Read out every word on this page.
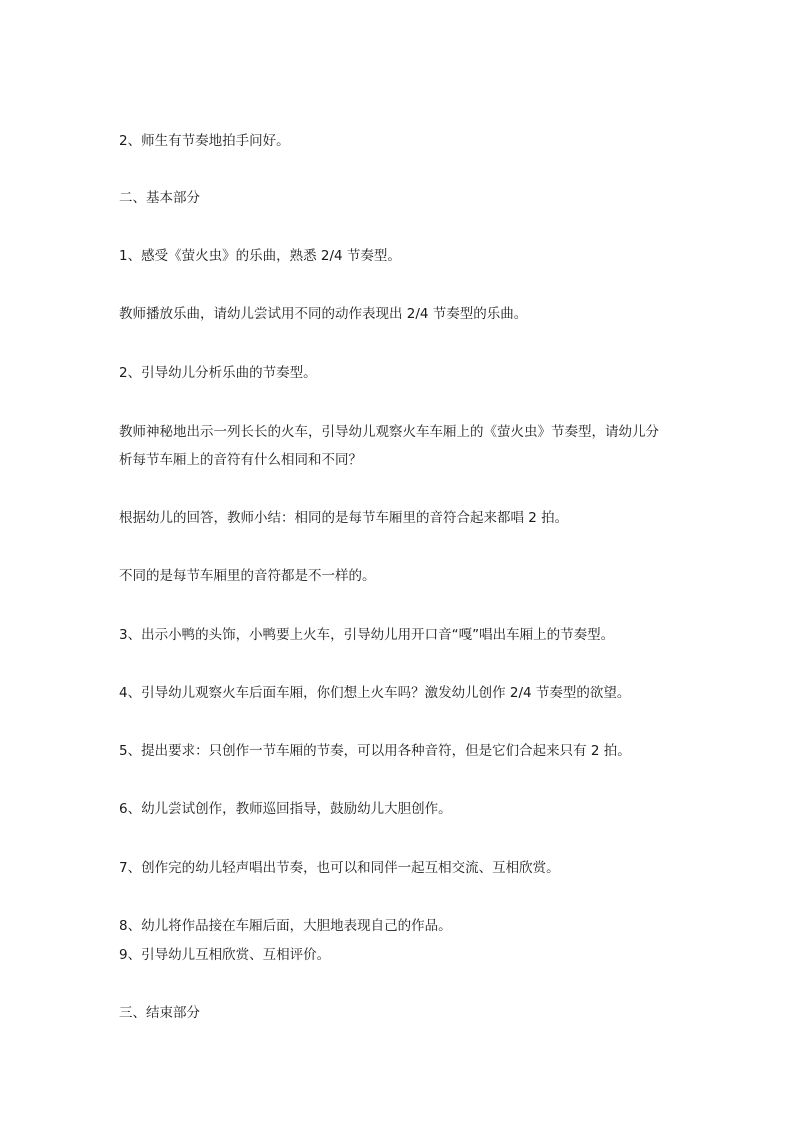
2、师生有节奏地拍手问好。

二、基本部分

1、感受《萤火虫》的乐曲，熟悉 2/4 节奏型。

教师播放乐曲，请幼儿尝试用不同的动作表现出 2/4 节奏型的乐曲。

2、引导幼儿分析乐曲的节奏型。

教师神秘地出示一列长长的火车，引导幼儿观察火车车厢上的《萤火虫》节奏型，请幼儿分

析每节车厢上的音符有什么相同和不同？

根据幼儿的回答，教师小结：相同的是每节车厢里的音符合起来都唱 2 拍。

不同的是每节车厢里的音符都是不一样的。

3、出示小鸭的头饰，小鸭要上火车，引导幼儿用开口音“嘎”唱出车厢上的节奏型。

4、引导幼儿观察火车后面车厢，你们想上火车吗？激发幼儿创作 2/4 节奏型的欲望。

5、提出要求：只创作一节车厢的节奏，可以用各种音符，但是它们合起来只有 2 拍。

6、幼儿尝试创作，教师巡回指导，鼓励幼儿大胆创作。

7、创作完的幼儿轻声唱出节奏，也可以和同伴一起互相交流、互相欣赏。

8、幼儿将作品接在车厢后面，大胆地表现自己的作品。

9、引导幼儿互相欣赏、互相评价。

三、结束部分
